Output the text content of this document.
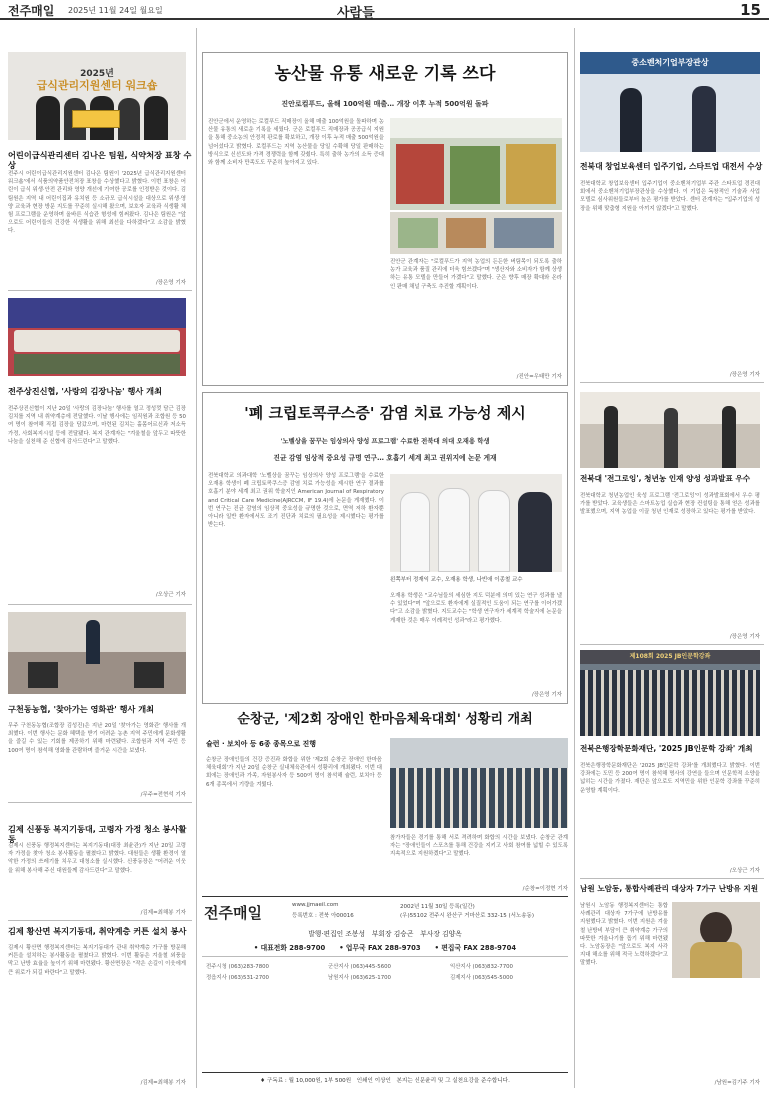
전주매일 2025년 11월 24일 월요일	사람들	15
2025년
급식관리지원센터 워크숍
어린이급식관리센터 김나은 팀원, 식약처장 표창 수상
전주시 어린이급식관리지원센터 김나은 팀원이 '2025년 급식관리지원센터 워크숍'에서 식품의약품안전처장 표창을 수상했다고 밝혔다. 이번 표창은 어린이 급식 위생·안전 관리와 영양 개선에 기여한 공로를 인정받은 것이다. 김 팀원은 지역 내 어린이집과 유치원 등 소규모 급식시설을 대상으로 위생·영양 교육과 현장 방문 지도를 꾸준히 실시해 왔으며, 보호자 교육과 식생활 체험 프로그램을 운영하며 올바른 식습관 형성에 힘써왔다. 김나은 팀원은 "앞으로도 어린이들의 건강한 식생활을 위해 최선을 다하겠다"고 소감을 밝혔다.
/장은영 기자
전주상진신협, '사랑의 김장나눔' 행사 개최
전주상진신협이 지난 20일 '사랑의 김장나눔' 행사를 열고 정성껏 담근 김장김치를 지역 내 취약계층에 전달했다. 이날 행사에는 임직원과 조합원 등 50여 명이 참여해 직접 김장을 담갔으며, 마련된 김치는 홀몸어르신과 저소득 가정, 사회복지시설 등에 전달됐다. 복지 관계자는 "겨울철을 앞두고 따뜻한 나눔을 실천해 준 신협에 감사드린다"고 말했다.
/오상근 기자
구천동농협, '찾아가는 영화관' 행사 개최
무주 구천동농협(조합장 김성진)은 지난 20일 '찾아가는 영화관' 행사를 개최했다. 이번 행사는 문화 혜택을 받기 어려운 농촌 지역 주민에게 문화생활을 즐길 수 있는 기회를 제공하기 위해 마련됐다. 조합원과 지역 주민 등 100여 명이 참석해 영화를 관람하며 즐거운 시간을 보냈다.
/무주=전현석 기자
김제 신풍동 복지기동대, 고령자 가정 청소 봉사활동
김제시 신풍동 행정복지센터는 복지기동대(대장 최윤관)가 지난 20일 고령자 가정을 찾아 청소 봉사활동을 펼쳤다고 밝혔다. 대원들은 생활 환경이 열악한 가정의 쓰레기를 치우고 대청소를 실시했다. 신풍동장은 "어려운 이웃을 위해 봉사해 주신 대원들께 감사드린다"고 말했다.
/김제=최해봉 기자
김제 황산면 복지기동대, 취약계층 커튼 설치 봉사
김제시 황산면 행정복지센터는 복지기동대가 관내 취약계층 가구를 방문해 커튼을 설치하는 봉사활동을 펼쳤다고 밝혔다. 이번 활동은 겨울철 외풍을 막고 난방 효율을 높이기 위해 마련됐다. 황산면장은 "작은 손길이 이웃에게 큰 위로가 되길 바란다"고 말했다.
/김제=최해봉 기자
농산물 유통 새로운 기록 쓰다
진안로컬푸드, 올해 100억원 매출… 개장 이후 누적 500억원 돌파
진안군에서 운영하는 로컬푸드 직매장이 올해 매출 100억원을 돌파하며 농산물 유통의 새로운 기록을 세웠다. 군은 로컬푸드 직매장과 공공급식 지원을 통해 중소농의 안정적 판로를 확보하고, 개장 이후 누적 매출 500억원을 넘어섰다고 밝혔다. 로컬푸드는 지역 농산물을 당일 수확해 당일 판매하는 방식으로 신선도와 가격 경쟁력을 함께 갖췄다. 특히 출하 농가의 소득 증대와 함께 소비자 만족도도 꾸준히 높아지고 있다.
진안군 관계자는 "로컬푸드가 지역 농업의 든든한 버팀목이 되도록 출하 농가 교육과 품질 관리에 더욱 힘쓰겠다"며 "생산자와 소비자가 함께 상생하는 유통 모델을 만들어 가겠다"고 말했다. 군은 향후 매장 확대와 온라인 판매 채널 구축도 추진할 계획이다.
/진안=우태만 기자
'폐 크립토콕쿠스증' 감염 치료 가능성 제시
'노벨상을 꿈꾸는 임상의사 양성 프로그램' 수료한 전북대 의대 오재용 학생
진균 감염 임상적 중요성 규명 연구… 호흡기 세계 최고 권위지에 논문 게재
전북대학교 의과대학 '노벨상을 꿈꾸는 임상의사 양성 프로그램'을 수료한 오재용 학생이 폐 크립토콕쿠스증 감염 치료 가능성을 제시한 연구 결과를 호흡기 분야 세계 최고 권위 학술지인 American Journal of Respiratory and Critical Care Medicine(AJRCCM, IF 19.4)에 논문을 게재했다. 이번 연구는 진균 감염의 임상적 중요성을 규명한 것으로, 면역 저하 환자뿐 아니라 일반 환자에서도 조기 진단과 치료의 필요성을 제시했다는 평가를 받는다.
왼쪽부터 정재익 교수, 오재용 학생, 나빈애 이종철 교수
오재용 학생은 "교수님들의 세심한 지도 덕분에 의미 있는 연구 성과를 낼 수 있었다"며 "앞으로도 환자에게 실질적인 도움이 되는 연구를 이어가겠다"고 소감을 밝혔다. 지도교수는 "학생 연구자가 세계적 학술지에 논문을 게재한 것은 매우 이례적인 성과"라고 평가했다.
/장은영 기자
순창군, '제2회 장애인 한마음체육대회' 성황리 개최
슐런 · 보치아 등 6종 종목으로 진행
순창군 장애인들의 건강 증진과 화합을 위한 '제2회 순창군 장애인 한마음체육대회'가 지난 20일 순창군 실내체육관에서 성황리에 개최됐다. 이번 대회에는 장애인과 가족, 자원봉사자 등 500여 명이 참석해 슐런, 보치아 등 6개 종목에서 기량을 겨뤘다.
참가자들은 경기를 통해 서로 격려하며 화합의 시간을 보냈다. 순창군 관계자는 "장애인들이 스포츠를 통해 건강을 지키고 사회 참여를 넓힐 수 있도록 지속적으로 지원하겠다"고 말했다.
/순창=이정현 기자
전주매일	www.jjmaeil.com
등록번호 : 전북 아00016
2002년 11월 30일 등록(일간)
(우)55102 전주시 완산구 거마산로 332-15 (서노송동)
발행·편집인 조봉성　부회장 김승곤　부사장 김양옥
• 대표전화 288-9700 • 업무국 FAX 288-9703 • 편집국 FAX 288-9704
전주시청 (063)283-7800	군산지사 (063)445-5600	익산지사 (063)832-7700
정읍지사 (063)531-2700	남원지사 (063)625-1700	김제지사 (063)545-5000
♦ 구독료 : 월 10,000원, 1부 500원　인쇄인 이상인　본지는 신문윤리 및 그 실천요강을 준수합니다.
중소벤처기업부장관상
전북대 창업보육센터 입주기업, 스타트업 대전서 수상
전북대학교 창업보육센터 입주기업이 중소벤처기업부 주관 스타트업 경진대회에서 중소벤처기업부장관상을 수상했다. 이 기업은 독창적인 기술과 사업 모델로 심사위원들로부터 높은 평가를 받았다. 센터 관계자는 "입주기업의 성장을 위해 맞춤형 지원을 아끼지 않겠다"고 말했다.
/장은영 기자
전북대 '전그로잉', 청년농 인재 양성 성과발표 우수
전북대학교 청년농업인 육성 프로그램 '전그로잉'이 성과발표회에서 우수 평가를 받았다. 교육생들은 스마트농업 실습과 현장 컨설팅을 통해 얻은 성과를 발표했으며, 지역 농업을 이끌 청년 인재로 성장하고 있다는 평가를 받았다.
/장은영 기자
제108회 2025 JB인문학강좌
전북은행장학문화재단, '2025 JB인문학 강좌' 개최
전북은행장학문화재단은 '2025 JB인문학 강좌'를 개최했다고 밝혔다. 이번 강좌에는 도민 등 200여 명이 참석해 명사의 강연을 들으며 인문학적 소양을 넓히는 시간을 가졌다. 재단은 앞으로도 지역민을 위한 인문학 강좌를 꾸준히 운영할 계획이다.
/오상근 기자
남원 노암동, 통합사례관리 대상자 7가구 난방유 지원
남원시 노암동 행정복지센터는 통합사례관리 대상자 7가구에 난방유를 지원했다고 밝혔다. 이번 지원은 겨울철 난방비 부담이 큰 취약계층 가구의 따뜻한 겨울나기를 돕기 위해 마련됐다. 노암동장은 "앞으로도 복지 사각지대 해소를 위해 적극 노력하겠다"고 말했다.
/남원=김기주 기자
